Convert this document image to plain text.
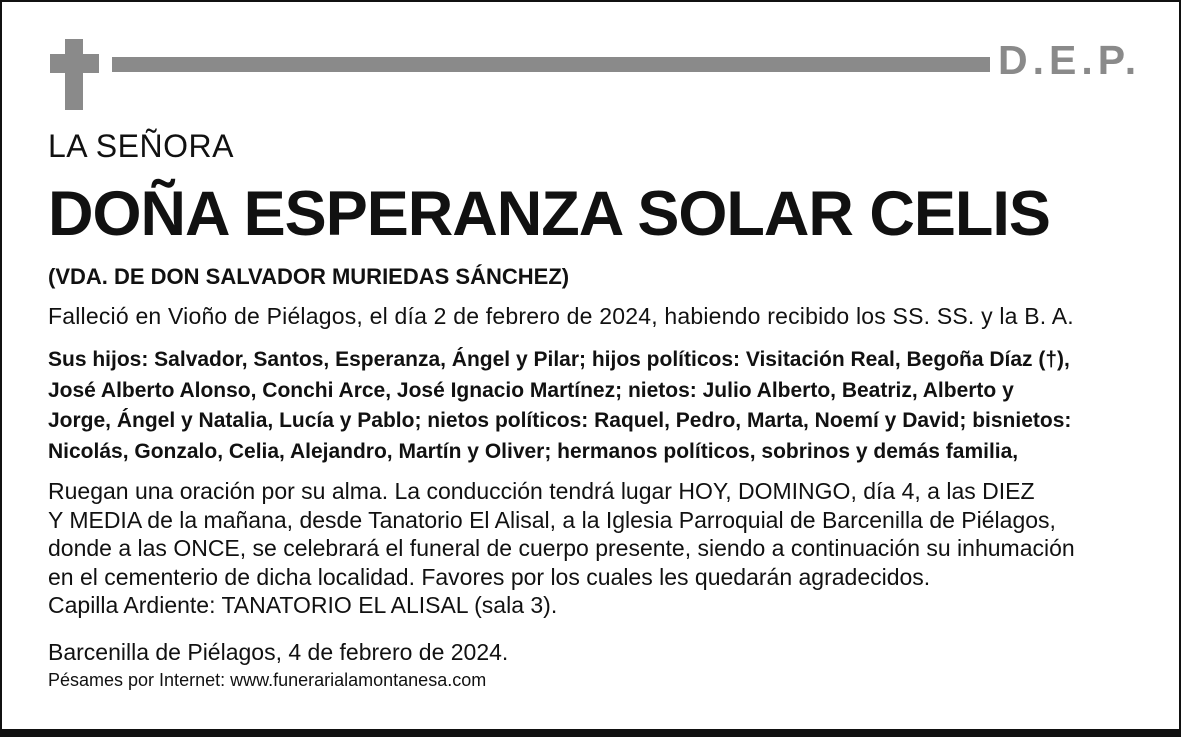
D.E.P.
LA SEÑORA
DOÑA ESPERANZA SOLAR CELIS
(VDA. DE DON SALVADOR MURIEDAS SÁNCHEZ)
Falleció en Vioño de Piélagos, el día 2 de febrero de 2024, habiendo recibido los SS. SS. y la B. A.
Sus hijos: Salvador, Santos, Esperanza, Ángel y Pilar; hijos políticos: Visitación Real, Begoña Díaz (†),
José Alberto Alonso, Conchi Arce, José Ignacio Martínez; nietos: Julio Alberto, Beatriz, Alberto y
Jorge, Ángel y Natalia, Lucía y Pablo; nietos políticos: Raquel, Pedro, Marta, Noemí y David; bisnietos:
Nicolás, Gonzalo, Celia, Alejandro, Martín y Oliver; hermanos políticos, sobrinos y demás familia,
Ruegan una oración por su alma. La conducción tendrá lugar HOY, DOMINGO, día 4, a las DIEZ
Y MEDIA de la mañana, desde Tanatorio El Alisal, a la Iglesia Parroquial de Barcenilla de Piélagos,
donde a las ONCE, se celebrará el funeral de cuerpo presente, siendo a continuación su inhumación
en el cementerio de dicha localidad. Favores por los cuales les quedarán agradecidos.
Capilla Ardiente: TANATORIO EL ALISAL (sala 3).
Barcenilla de Piélagos, 4 de febrero de 2024.
Pésames por Internet: www.funerarialamontanesa.com
